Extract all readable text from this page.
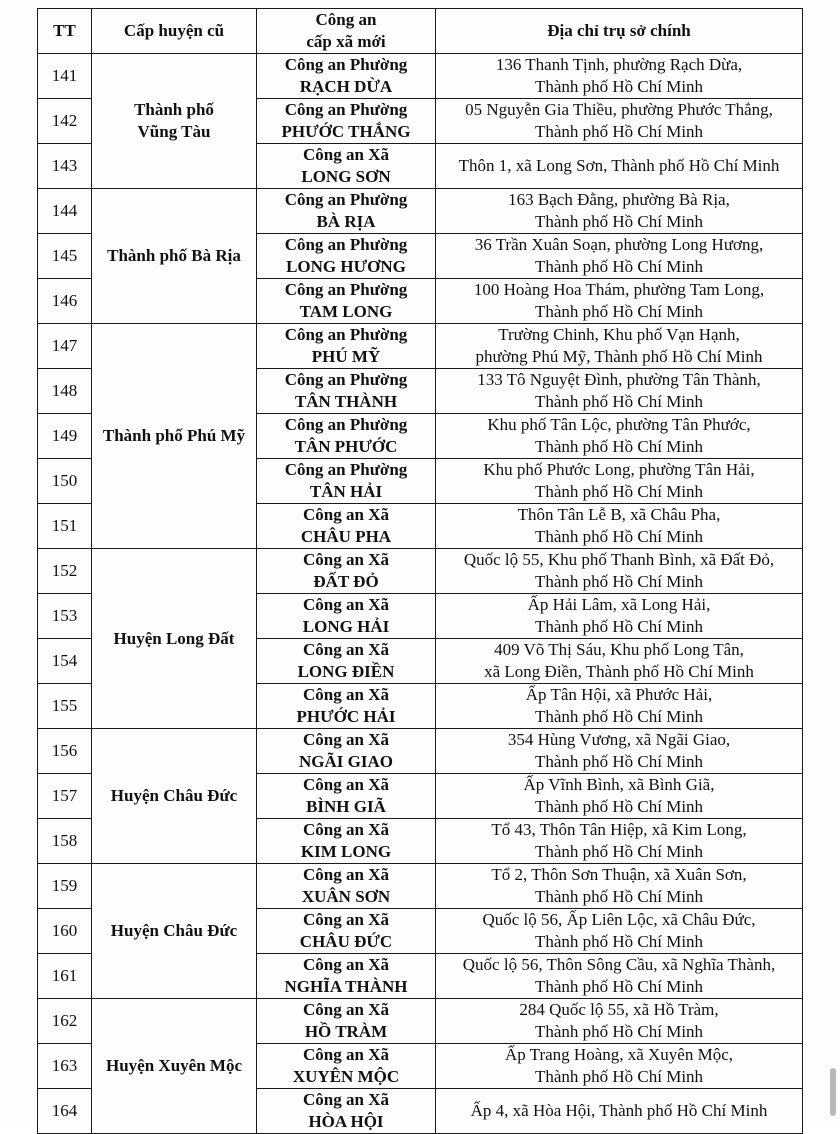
TT	Cấp huyện cũ	Công an
cấp xã mới	Địa chỉ trụ sở chính
141	Thành phố
Vũng Tàu	Công an Phường
RẠCH DỪA	136 Thanh Tịnh, phường Rạch Dừa,
Thành phố Hồ Chí Minh

142		Công an Phường
PHƯỚC THẮNG	05 Nguyễn Gia Thiều, phường Phước Thắng,
Thành phố Hồ Chí Minh

143		Công an Xã
LONG SƠN	Thôn 1, xã Long Sơn, Thành phố Hồ Chí Minh

144	Thành phố Bà Rịa	Công an Phường
BÀ RỊA	163 Bạch Đằng, phường Bà Rịa,
Thành phố Hồ Chí Minh

145		Công an Phường
LONG HƯƠNG	36 Trần Xuân Soạn, phường Long Hương,
Thành phố Hồ Chí Minh

146		Công an Phường
TAM LONG	100 Hoàng Hoa Thám, phường Tam Long,
Thành phố Hồ Chí Minh

147	Thành phố Phú Mỹ	Công an Phường
PHÚ MỸ	Trường Chinh, Khu phố Vạn Hạnh,
phường Phú Mỹ, Thành phố Hồ Chí Minh

148		Công an Phường
TÂN THÀNH	133 Tô Nguyệt Đình, phường Tân Thành,
Thành phố Hồ Chí Minh

149		Công an Phường
TÂN PHƯỚC	Khu phố Tân Lộc, phường Tân Phước,
Thành phố Hồ Chí Minh

150		Công an Phường
TÂN HẢI	Khu phố Phước Long, phường Tân Hải,
Thành phố Hồ Chí Minh

151		Công an Xã
CHÂU PHA	Thôn Tân Lễ B, xã Châu Pha,
Thành phố Hồ Chí Minh

152	Huyện Long Đất	Công an Xã
ĐẤT ĐỎ	Quốc lộ 55, Khu phố Thanh Bình, xã Đất Đỏ,
Thành phố Hồ Chí Minh

153		Công an Xã
LONG HẢI	Ấp Hải Lâm, xã Long Hải,
Thành phố Hồ Chí Minh

154		Công an Xã
LONG ĐIỀN	409 Võ Thị Sáu, Khu phố Long Tân,
xã Long Điền, Thành phố Hồ Chí Minh

155		Công an Xã
PHƯỚC HẢI	Ấp Tân Hội, xã Phước Hải,
Thành phố Hồ Chí Minh

156	Huyện Châu Đức	Công an Xã
NGÃI GIAO	354 Hùng Vương, xã Ngãi Giao,
Thành phố Hồ Chí Minh

157		Công an Xã
BÌNH GIÃ	Ấp Vĩnh Bình, xã Bình Giã,
Thành phố Hồ Chí Minh

158		Công an Xã
KIM LONG	Tổ 43, Thôn Tân Hiệp, xã Kim Long,
Thành phố Hồ Chí Minh

159	Huyện Châu Đức	Công an Xã
XUÂN SƠN	Tổ 2, Thôn Sơn Thuận, xã Xuân Sơn,
Thành phố Hồ Chí Minh

160		Công an Xã
CHÂU ĐỨC	Quốc lộ 56, Ấp Liên Lộc, xã Châu Đức,
Thành phố Hồ Chí Minh

161		Công an Xã
NGHĨA THÀNH	Quốc lộ 56, Thôn Sông Cầu, xã Nghĩa Thành,
Thành phố Hồ Chí Minh

162	Huyện Xuyên Mộc	Công an Xã
HỒ TRÀM	284 Quốc lộ 55, xã Hồ Tràm,
Thành phố Hồ Chí Minh

163		Công an Xã
XUYÊN MỘC	Ấp Trang Hoàng, xã Xuyên Mộc,
Thành phố Hồ Chí Minh

164		Công an Xã
HÒA HỘI	Ấp 4, xã Hòa Hội, Thành phố Hồ Chí Minh
